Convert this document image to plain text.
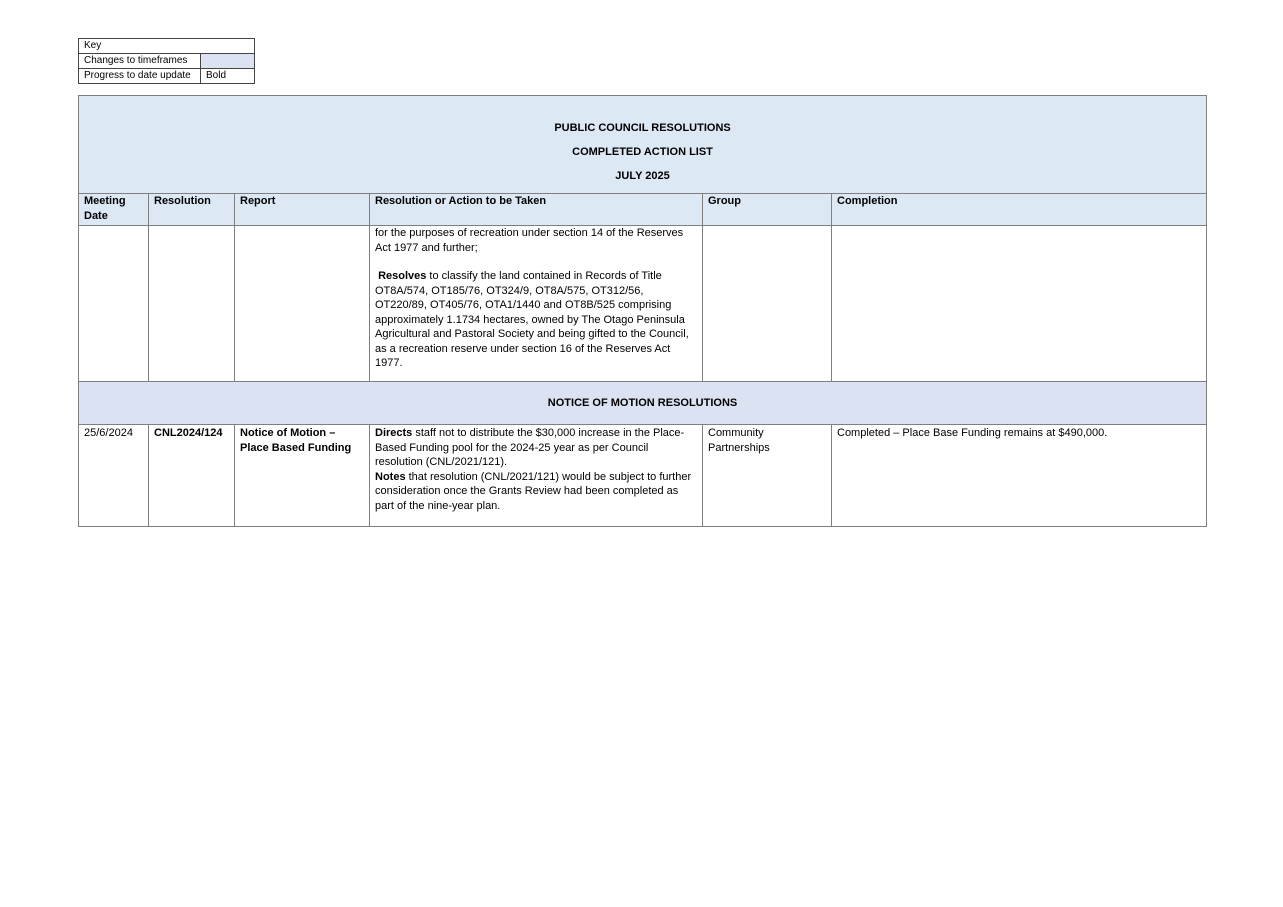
Key	
Changes to timeframes	
Progress to date update	Bold
PUBLIC COUNCIL RESOLUTIONS
COMPLETED ACTION LIST
JULY 2025					

Meeting Date	Resolution	Report	Resolution or Action to be Taken	Group	Completion

			for the purposes of recreation under section 14 of the Reserves Act 1977 and further;

Resolves to classify the land contained in Records of Title OT8A/574, OT185/76, OT324/9, OT8A/575, OT312/56, OT220/89, OT405/76, OTA1/1440 and OT8B/525 comprising approximately 1.1734 hectares, owned by The Otago Peninsula Agricultural and Pastoral Society and being gifted to the Council, as a recreation reserve under section 16 of the Reserves Act 1977.		

NOTICE OF MOTION RESOLUTIONS					
25/6/2024	CNL2024/124	Notice of Motion – Place Based Funding	Directs staff not to distribute the $30,000 increase in the Place-Based Funding pool for the 2024-25 year as per Council resolution (CNL/2021/121).

Notes that resolution (CNL/2021/121) would be subject to further consideration once the Grants Review had been completed as part of the nine-year plan.	Community Partnerships	Completed – Place Base Funding remains at $490,000.
